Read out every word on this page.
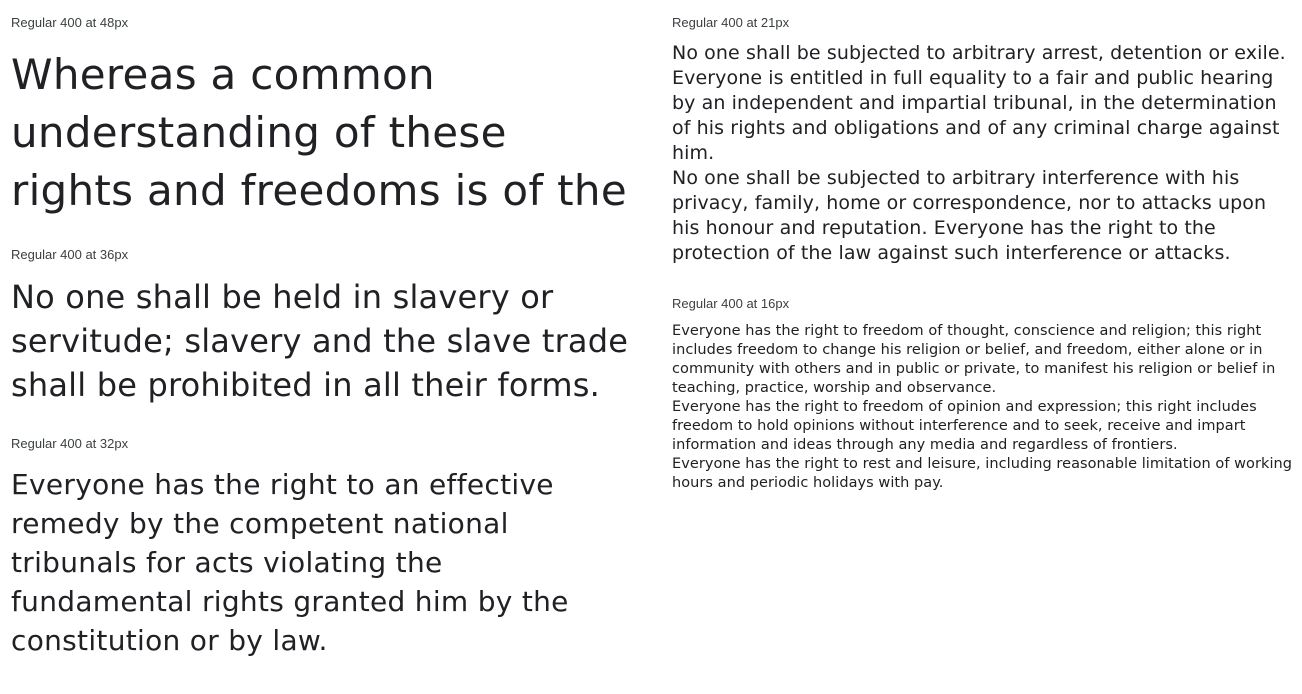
Regular 400 at 48px
Whereas a common understanding of these rights and freedoms is of the
Regular 400 at 36px
No one shall be held in slavery or servitude; slavery and the slave trade shall be prohibited in all their forms.
Regular 400 at 32px
Everyone has the right to an effective remedy by the competent national tribunals for acts violating the fundamental rights granted him by the constitution or by law.
Regular 400 at 21px
No one shall be subjected to arbitrary arrest, detention or exile.
Everyone is entitled in full equality to a fair and public hearing by an independent and impartial tribunal, in the determination of his rights and obligations and of any criminal charge against him.
No one shall be subjected to arbitrary interference with his privacy, family, home or correspondence, nor to attacks upon his honour and reputation. Everyone has the right to the protection of the law against such interference or attacks.
Regular 400 at 16px
Everyone has the right to freedom of thought, conscience and religion; this right includes freedom to change his religion or belief, and freedom, either alone or in community with others and in public or private, to manifest his religion or belief in teaching, practice, worship and observance.
Everyone has the right to freedom of opinion and expression; this right includes freedom to hold opinions without interference and to seek, receive and impart information and ideas through any media and regardless of frontiers.
Everyone has the right to rest and leisure, including reasonable limitation of working hours and periodic holidays with pay.
